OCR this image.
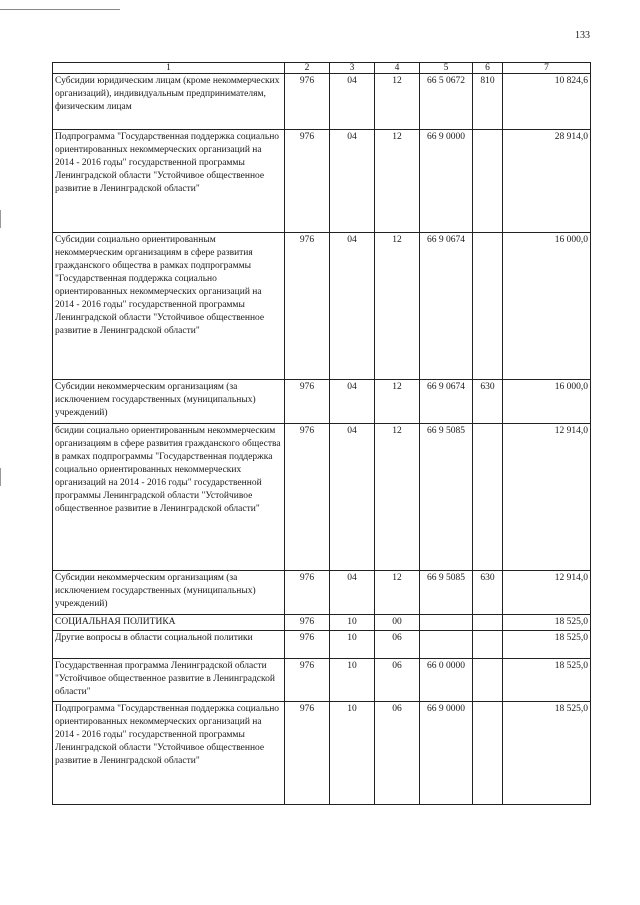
133
1	2	3	4	5	6	7
Субсидии юридическим лицам (кроме некоммерческих организаций), индивидуальным предпринимателям, физическим лицам	976	04	12	66 5 0672	810	10 824,6
Подпрограмма "Государственная поддержка социально ориентированных некоммерческих организаций на 2014 - 2016 годы" государственной программы Ленинградской области "Устойчивое общественное развитие в Ленинградской области"	976	04	12	66 9 0000		28 914,0
Субсидии социально ориентированным некоммерческим организациям в сфере развития гражданского общества в рамках подпрограммы "Государственная поддержка социально ориентированных некоммерческих организаций на 2014 - 2016 годы" государственной программы Ленинградской области "Устойчивое общественное развитие в Ленинградской области"	976	04	12	66 9 0674		16 000,0
Субсидии некоммерческим организациям (за исключением государственных (муниципальных) учреждений)	976	04	12	66 9 0674	630	16 000,0
бсидии социально ориентированным некоммерческим организациям в сфере развития гражданского общества в рамках подпрограммы "Государственная поддержка социально ориентированных некоммерческих организаций на 2014 - 2016 годы" государственной программы Ленинградской области "Устойчивое общественное развитие в Ленинградской области"	976	04	12	66 9 5085		12 914,0
Субсидии некоммерческим организациям (за исключением государственных (муниципальных) учреждений)	976	04	12	66 9 5085	630	12 914,0
СОЦИАЛЬНАЯ ПОЛИТИКА	976	10	00			18 525,0
Другие вопросы в области социальной политики	976	10	06			18 525,0
Государственная программа Ленинградской области "Устойчивое общественное развитие в Ленинградской области"	976	10	06	66 0 0000		18 525,0
Подпрограмма "Государственная поддержка социально ориентированных некоммерческих организаций на 2014 - 2016 годы" государственной программы Ленинградской области "Устойчивое общественное развитие в Ленинградской области"	976	10	06	66 9 0000		18 525,0
